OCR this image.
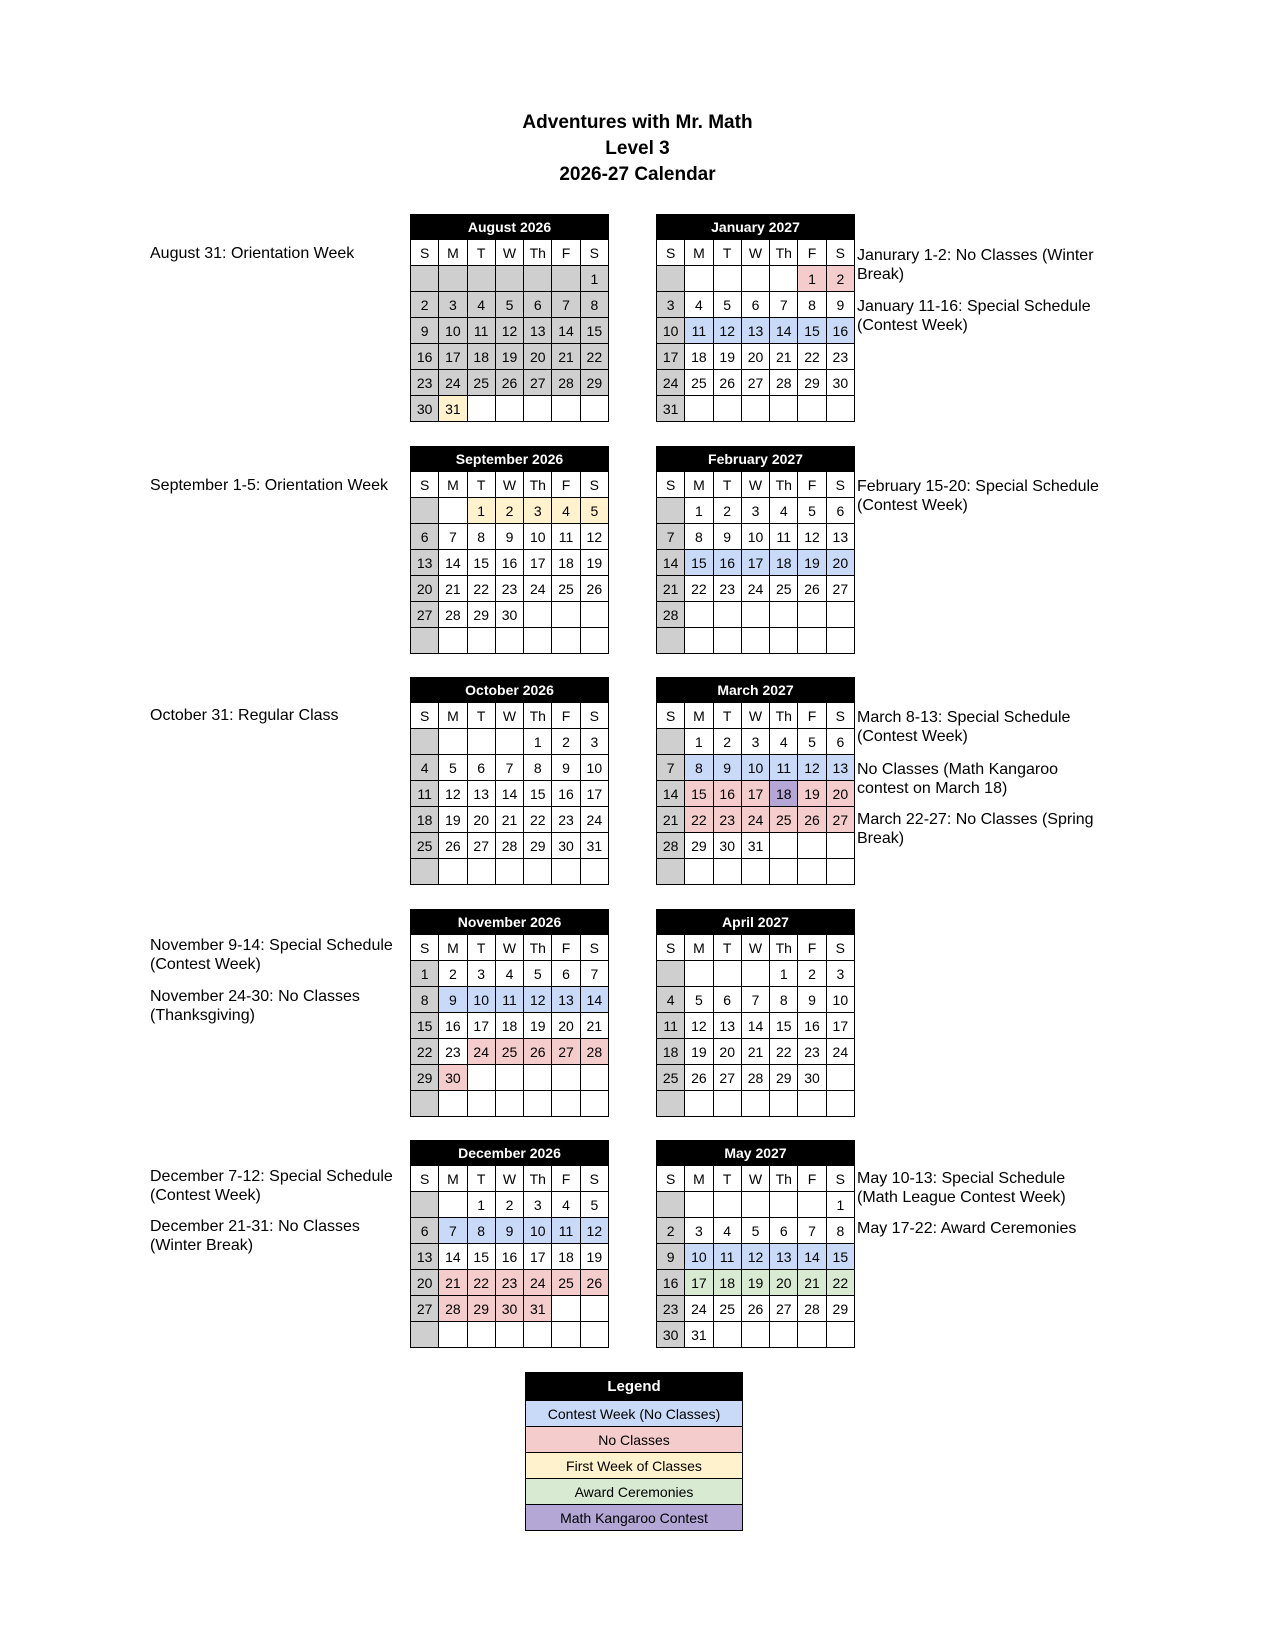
Adventures with Mr. Math
Level 3
2026-27 Calendar
August 2026						
S	M	T	W	Th	F	S
						1
2	3	4	5	6	7	8
9	10	11	12	13	14	15
16	17	18	19	20	21	22
23	24	25	26	27	28	29
30	31					
September 2026						
S	M	T	W	Th	F	S
		1	2	3	4	5
6	7	8	9	10	11	12
13	14	15	16	17	18	19
20	21	22	23	24	25	26
27	28	29	30			

October 2026						
S	M	T	W	Th	F	S
				1	2	3
4	5	6	7	8	9	10
11	12	13	14	15	16	17
18	19	20	21	22	23	24
25	26	27	28	29	30	31

November 2026						
S	M	T	W	Th	F	S
1	2	3	4	5	6	7
8	9	10	11	12	13	14
15	16	17	18	19	20	21
22	23	24	25	26	27	28
29	30					

December 2026						
S	M	T	W	Th	F	S
		1	2	3	4	5
6	7	8	9	10	11	12
13	14	15	16	17	18	19
20	21	22	23	24	25	26
27	28	29	30	31		

January 2027						
S	M	T	W	Th	F	S
					1	2
3	4	5	6	7	8	9
10	11	12	13	14	15	16
17	18	19	20	21	22	23
24	25	26	27	28	29	30
31						
February 2027						
S	M	T	W	Th	F	S
	1	2	3	4	5	6
7	8	9	10	11	12	13
14	15	16	17	18	19	20
21	22	23	24	25	26	27
28						

March 2027						
S	M	T	W	Th	F	S
	1	2	3	4	5	6
7	8	9	10	11	12	13
14	15	16	17	18	19	20
21	22	23	24	25	26	27
28	29	30	31			

April 2027						
S	M	T	W	Th	F	S
				1	2	3
4	5	6	7	8	9	10
11	12	13	14	15	16	17
18	19	20	21	22	23	24
25	26	27	28	29	30	

May 2027						
S	M	T	W	Th	F	S
						1
2	3	4	5	6	7	8
9	10	11	12	13	14	15
16	17	18	19	20	21	22
23	24	25	26	27	28	29
30	31					
August 31: Orientation Week
September 1-5: Orientation Week
October 31: Regular Class
November 9-14: Special Schedule (Contest Week)
November 24-30: No Classes (Thanksgiving)
December 7-12: Special Schedule (Contest Week)
December 21-31: No Classes (Winter Break)
Janurary 1-2: No Classes (Winter Break)
January 11-16: Special Schedule (Contest Week)
February 15-20: Special Schedule (Contest Week)
March 8-13: Special Schedule (Contest Week)
No Classes (Math Kangaroo contest on March 18)
March 22-27: No Classes (Spring Break)
May 10-13: Special Schedule (Math League Contest Week)
May 17-22: Award Ceremonies
Legend
Contest Week (No Classes)
No Classes
First Week of Classes
Award Ceremonies
Math Kangaroo Contest
